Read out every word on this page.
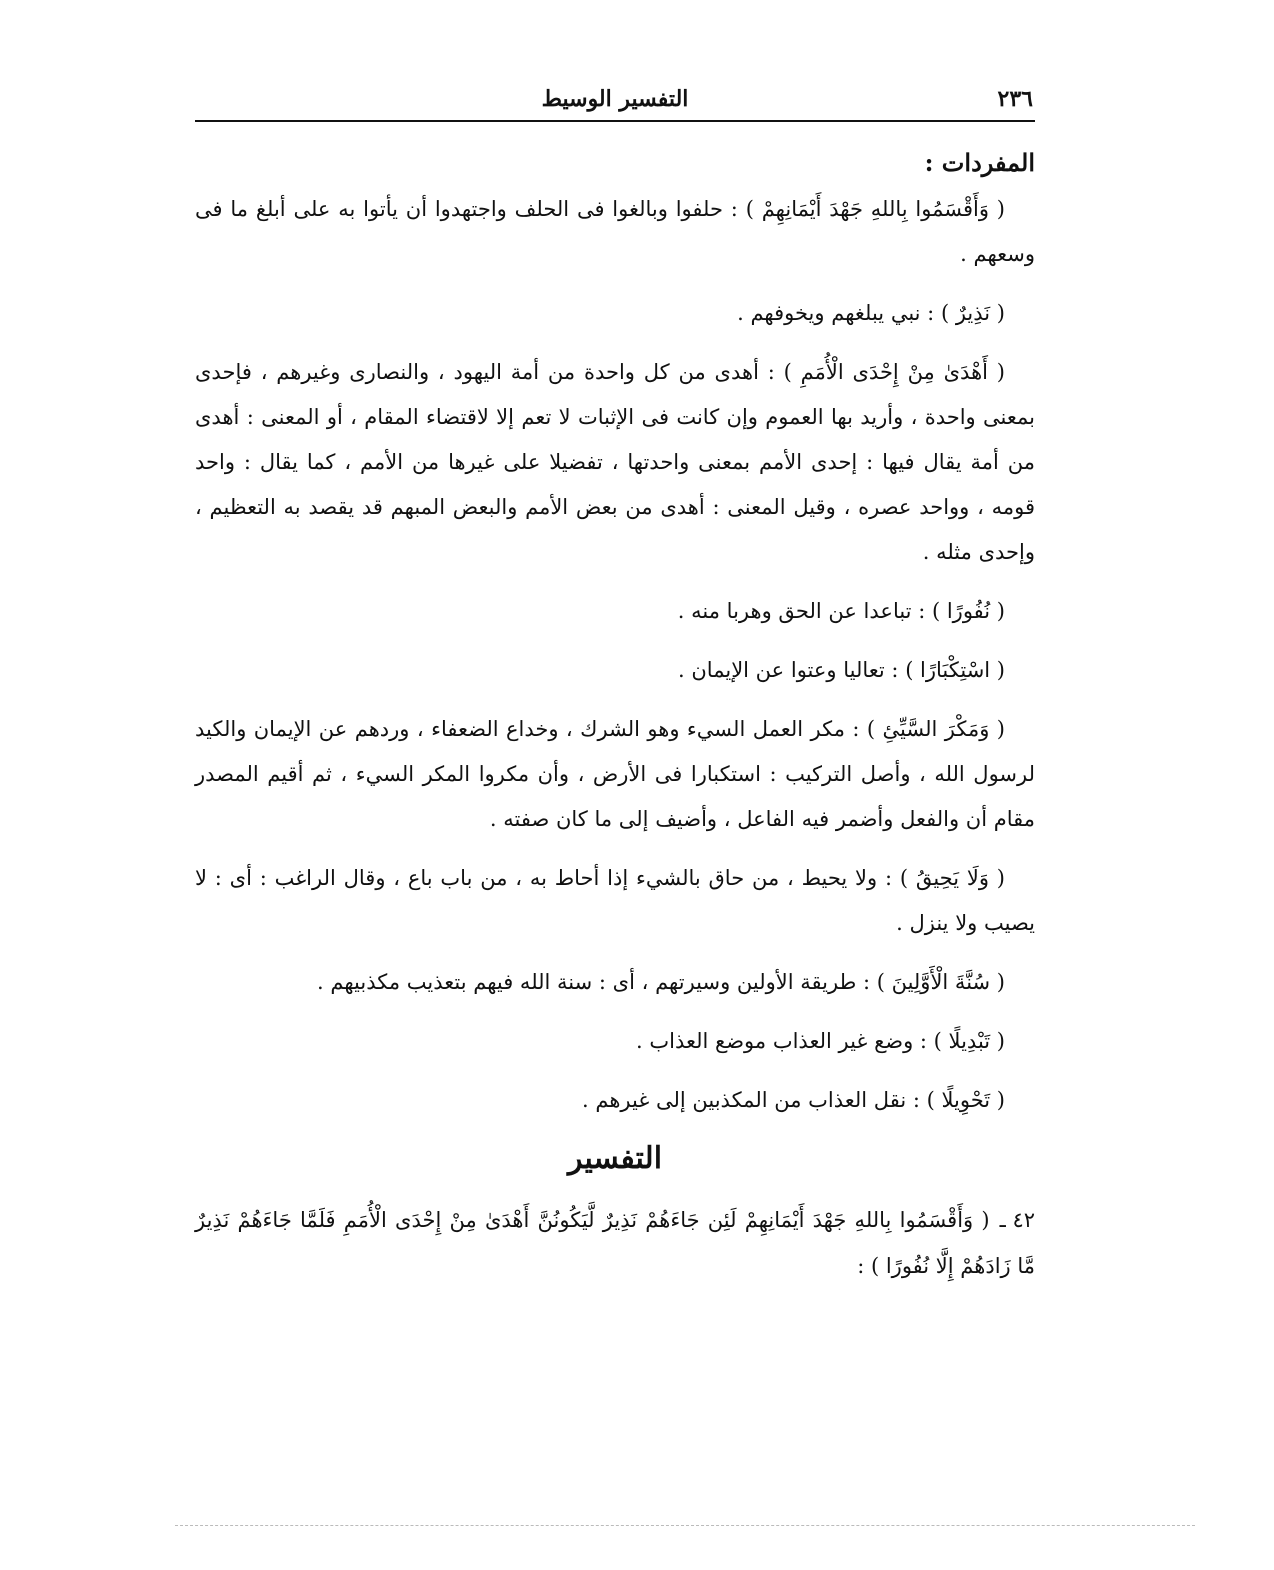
٢٣٦
التفسير الوسيط
المفردات :

( وَأَقْسَمُوا بِاللهِ جَهْدَ أَيْمَانِهِمْ ) : حلفوا وبالغوا فى الحلف واجتهدوا أن يأتوا به على أبلغ ما فى وسعهم .

( نَذِيرٌ ) : نبي يبلغهم ويخوفهم .

( أَهْدَىٰ مِنْ إِحْدَى الْأُمَمِ ) : أهدى من كل واحدة من أمة اليهود ، والنصارى وغيرهم ، فإحدى بمعنى واحدة ، وأريد بها العموم وإن كانت فى الإثبات لا تعم إلا لاقتضاء المقام ، أو المعنى : أهدى من أمة يقال فيها : إحدى الأمم بمعنى واحدتها ، تفضيلا على غيرها من الأمم ، كما يقال : واحد قومه ، وواحد عصره ، وقيل المعنى : أهدى من بعض الأمم والبعض المبهم قد يقصد به التعظيم ، وإحدى مثله .

( نُفُورًا ) : تباعدا عن الحق وهربا منه .

( اسْتِكْبَارًا ) : تعاليا وعتوا عن الإيمان .

( وَمَكْرَ السَّيِّئِ ) : مكر العمل السيء وهو الشرك ، وخداع الضعفاء ، وردهم عن الإيمان والكيد لرسول الله ، وأصل التركيب : استكبارا فى الأرض ، وأن مكروا المكر السيء ، ثم أقيم المصدر مقام أن والفعل وأضمر فيه الفاعل ، وأضيف إلى ما كان صفته .

( وَلَا يَحِيقُ ) : ولا يحيط ، من حاق بالشيء إذا أحاط به ، من باب باع ، وقال الراغب : أى : لا يصيب ولا ينزل .

( سُنَّةَ الْأَوَّلِينَ ) : طريقة الأولين وسيرتهم ، أى : سنة الله فيهم بتعذيب مكذبيهم .

( تَبْدِيلًا ) : وضع غير العذاب موضع العذاب .

( تَحْوِيلًا ) : نقل العذاب من المكذبين إلى غيرهم .

التفسير

٤٢ ـ( وَأَقْسَمُوا بِاللهِ جَهْدَ أَيْمَانِهِمْ لَئِن جَاءَهُمْ نَذِيرٌ لَّيَكُونُنَّ أَهْدَىٰ مِنْ إِحْدَى الْأُمَمِ فَلَمَّا جَاءَهُمْ نَذِيرٌ مَّا زَادَهُمْ إِلَّا نُفُورًا ) :
